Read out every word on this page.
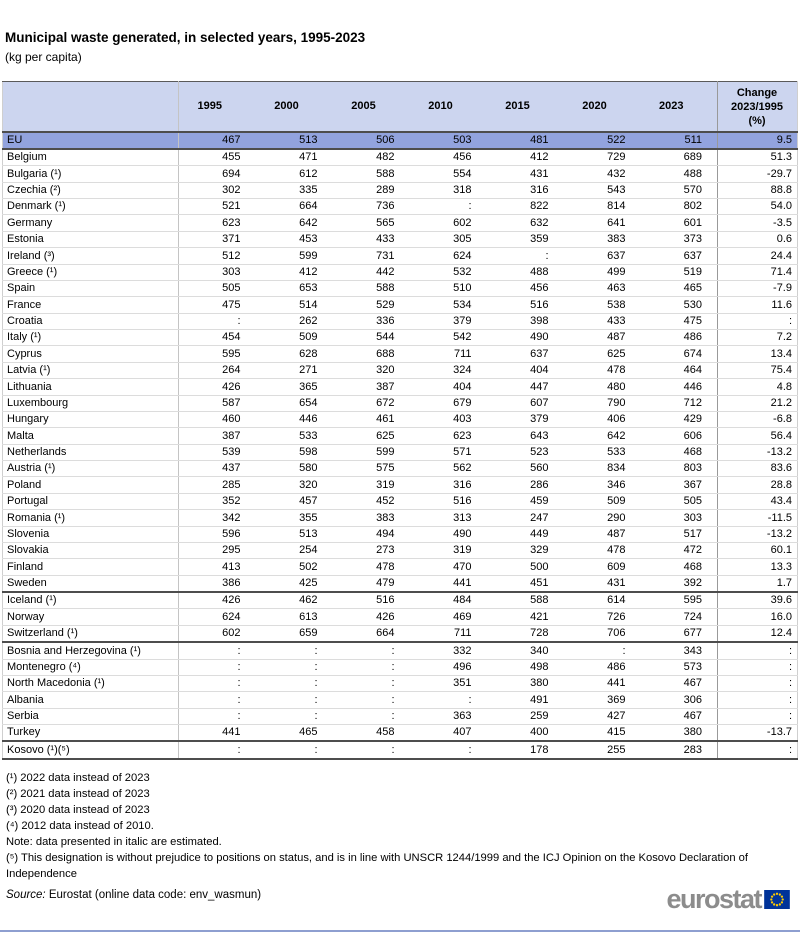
Municipal waste generated, in selected years, 1995-2023
(kg per capita)
	1995	2000	2005	2010	2015	2020	2023	Change
2023/1995
(%)

EU	467	513	506	503	481	522	511	9.5
Belgium	455	471	482	456	412	729	689	51.3
Bulgaria (¹)	694	612	588	554	431	432	488	-29.7
Czechia (²)	302	335	289	318	316	543	570	88.8
Denmark (¹)	521	664	736	:	822	814	802	54.0
Germany	623	642	565	602	632	641	601	-3.5
Estonia	371	453	433	305	359	383	373	0.6
Ireland (³)	512	599	731	624	:	637	637	24.4
Greece (¹)	303	412	442	532	488	499	519	71.4
Spain	505	653	588	510	456	463	465	-7.9
France	475	514	529	534	516	538	530	11.6
Croatia	:	262	336	379	398	433	475	:
Italy (¹)	454	509	544	542	490	487	486	7.2
Cyprus	595	628	688	711	637	625	674	13.4
Latvia (¹)	264	271	320	324	404	478	464	75.4
Lithuania	426	365	387	404	447	480	446	4.8
Luxembourg	587	654	672	679	607	790	712	21.2
Hungary	460	446	461	403	379	406	429	-6.8
Malta	387	533	625	623	643	642	606	56.4
Netherlands	539	598	599	571	523	533	468	-13.2
Austria (¹)	437	580	575	562	560	834	803	83.6
Poland	285	320	319	316	286	346	367	28.8
Portugal	352	457	452	516	459	509	505	43.4
Romania (¹)	342	355	383	313	247	290	303	-11.5
Slovenia	596	513	494	490	449	487	517	-13.2
Slovakia	295	254	273	319	329	478	472	60.1
Finland	413	502	478	470	500	609	468	13.3
Sweden	386	425	479	441	451	431	392	1.7
Iceland (¹)	426	462	516	484	588	614	595	39.6
Norway	624	613	426	469	421	726	724	16.0
Switzerland (¹)	602	659	664	711	728	706	677	12.4
Bosnia and Herzegovina (¹)	:	:	:	332	340	:	343	:
Montenegro (⁴)	:	:	:	496	498	486	573	:
North Macedonia (¹)	:	:	:	351	380	441	467	:
Albania	:	:	:	:	491	369	306	:
Serbia	:	:	:	363	259	427	467	:
Turkey	441	465	458	407	400	415	380	-13.7
Kosovo (¹)(⁵)	:	:	:	:	178	255	283	:
(¹) 2022 data instead of 2023
(²) 2021 data instead of 2023
(³) 2020 data instead of 2023
(⁴) 2012 data instead of 2010.
Note: data presented in italic are estimated.
(⁵) This designation is without prejudice to positions on status, and is in line with UNSCR 1244/1999 and the ICJ Opinion on the Kosovo Declaration of Independence
Source: Eurostat (online data code: env_wasmun)	eurostat
